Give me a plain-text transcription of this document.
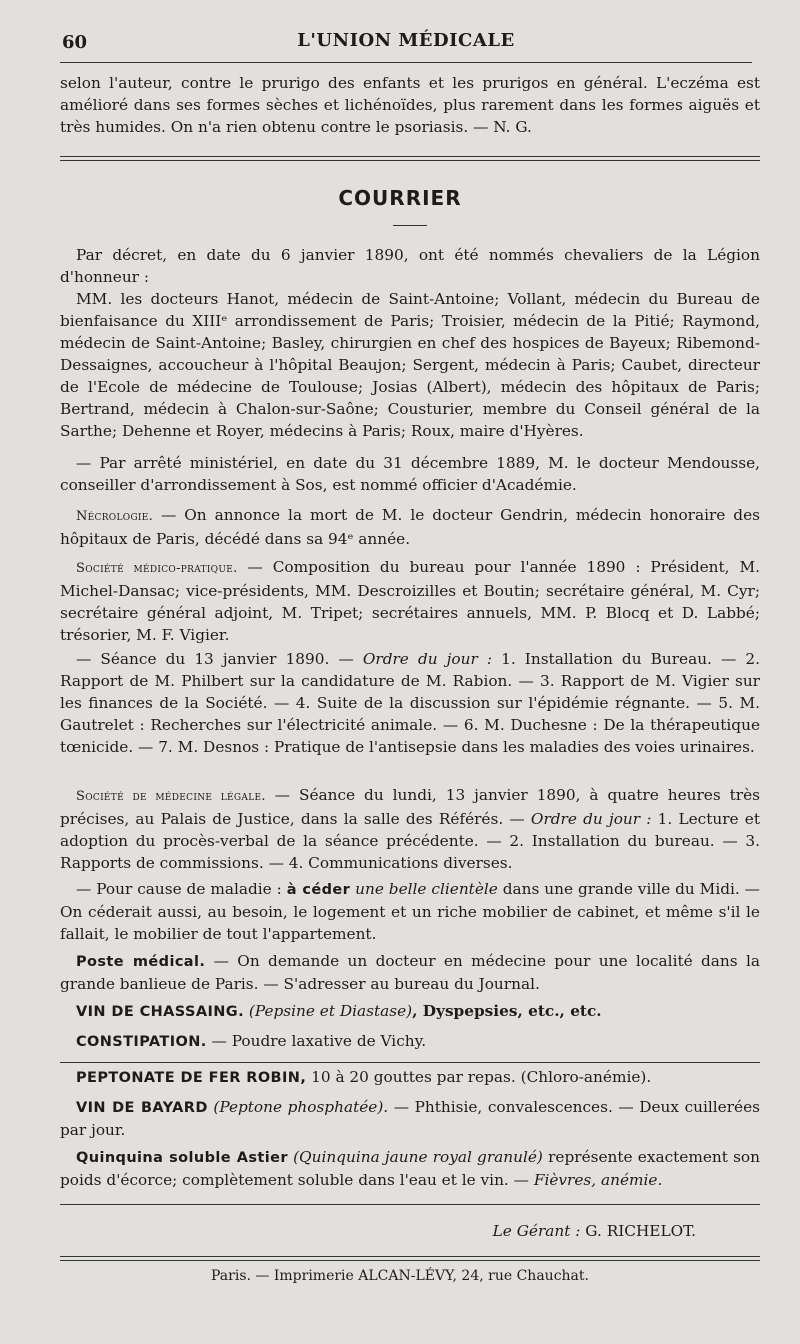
60	L'UNION MÉDICALE

selon l'auteur, contre le prurigo des enfants et les prurigos en général. L'eczéma est amélioré dans ses formes sèches et lichénoïdes, plus rarement dans les formes aiguës et très humides. On n'a rien obtenu contre le psoriasis. — N. G.

COURRIER

Par décret, en date du 6 janvier 1890, ont été nommés chevaliers de la Légion d'honneur :

MM. les docteurs Hanot, médecin de Saint-Antoine; Vollant, médecin du Bureau de bienfaisance du XIIIᵉ arrondissement de Paris; Troisier, médecin de la Pitié; Raymond, médecin de Saint-Antoine; Basley, chirurgien en chef des hospices de Bayeux; Ribemond-Dessaignes, accoucheur à l'hôpital Beaujon; Sergent, médecin à Paris; Caubet, directeur de l'Ecole de médecine de Toulouse; Josias (Albert), médecin des hôpitaux de Paris; Bertrand, médecin à Chalon-sur-Saône; Cousturier, membre du Conseil général de la Sarthe; Dehenne et Royer, médecins à Paris; Roux, maire d'Hyères.

— Par arrêté ministériel, en date du 31 décembre 1889, M. le docteur Mendousse, conseiller d'arrondissement à Sos, est nommé officier d'Académie.

Nécrologie. — On annonce la mort de M. le docteur Gendrin, médecin honoraire des hôpitaux de Paris, décédé dans sa 94ᵉ année.

Société médico-pratique. — Composition du bureau pour l'année 1890 : Président, M. Michel-Dansac; vice-présidents, MM. Descroizilles et Boutin; secrétaire général, M. Cyr; secrétaire général adjoint, M. Tripet; secrétaires annuels, MM. P. Blocq et D. Labbé; trésorier, M. F. Vigier.

— Séance du 13 janvier 1890. — Ordre du jour : 1. Installation du Bureau. — 2. Rapport de M. Philbert sur la candidature de M. Rabion. — 3. Rapport de M. Vigier sur les finances de la Société. — 4. Suite de la discussion sur l'épidémie régnante. — 5. M. Gautrelet : Recherches sur l'électricité animale. — 6. M. Duchesne : De la thérapeutique tœnicide. — 7. M. Desnos : Pratique de l'antisepsie dans les maladies des voies urinaires.

Société de médecine légale. — Séance du lundi, 13 janvier 1890, à quatre heures très précises, au Palais de Justice, dans la salle des Référés. — Ordre du jour : 1. Lecture et adoption du procès-verbal de la séance précédente. — 2. Installation du bureau. — 3. Rapports de commissions. — 4. Communications diverses.

— Pour cause de maladie : à céder une belle clientèle dans une grande ville du Midi. — On céderait aussi, au besoin, le logement et un riche mobilier de cabinet, et même s'il le fallait, le mobilier de tout l'appartement.

Poste médical. — On demande un docteur en médecine pour une localité dans la grande banlieue de Paris. — S'adresser au bureau du Journal.

VIN DE CHASSAING. (Pepsine et Diastase), Dyspepsies, etc., etc.

CONSTIPATION. — Poudre laxative de Vichy.

PEPTONATE DE FER ROBIN, 10 à 20 gouttes par repas. (Chloro-anémie).

VIN DE BAYARD (Peptone phosphatée). — Phthisie, convalescences. — Deux cuillerées par jour.

Quinquina soluble Astier (Quinquina jaune royal granulé) représente exactement son poids d'écorce; complètement soluble dans l'eau et le vin. — Fièvres, anémie.

Le Gérant : G. RICHELOT.
Paris. — Imprimerie ALCAN-LÉVY, 24, rue Chauchat.
